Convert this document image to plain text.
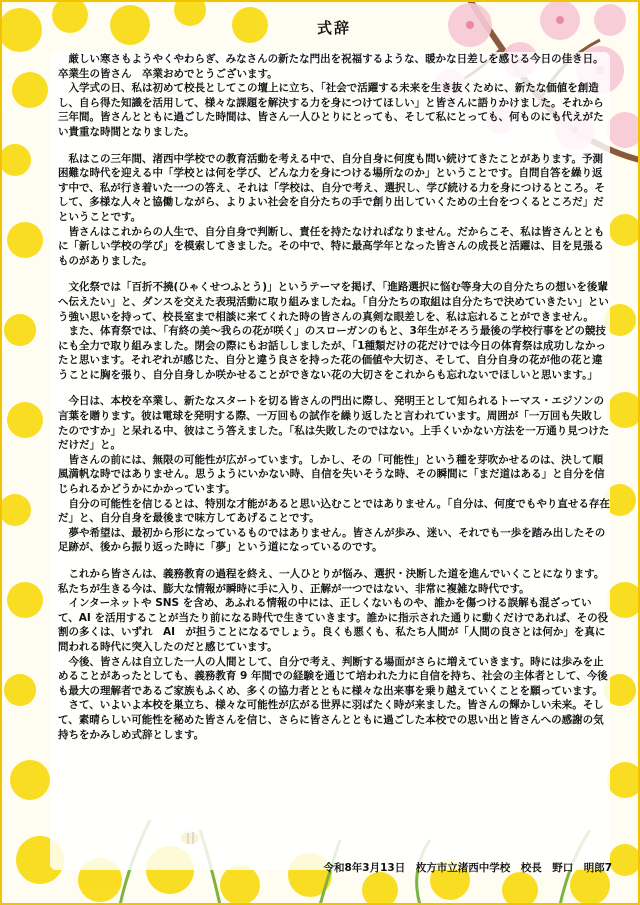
式辞

厳しい寒さもようやくやわらぎ、みなさんの新たな門出を祝福するような、暖かな日差しを感じる今日の佳き日。卒業生の皆さん　卒業おめでとうございます。

入学式の日、私は初めて校長としてこの壇上に立ち、「社会で活躍する未来を生き抜くために、新たな価値を創造し、自ら得た知識を活用して、様々な課題を解決する力を身につけてほしい」と皆さんに語りかけました。それから三年間。皆さんとともに過ごした時間は、皆さん一人ひとりにとっても、そして私にとっても、何ものにも代えがたい貴重な時間となりました。

私はこの三年間、渚西中学校での教育活動を考える中で、自分自身に何度も問い続けてきたことがあります。予測困難な時代を迎える中「学校とは何を学び、どんな力を身につける場所なのか」ということです。自問自答を繰り返す中で、私が行き着いた一つの答え、それは「学校は、自分で考え、選択し、学び続ける力を身につけるところ。そして、多様な人々と協働しながら、よりよい社会を自分たちの手で創り出していくための土台をつくるところだ」だということです。

皆さんはこれからの人生で、自分自身で判断し、責任を持たなければなりません。だからこそ、私は皆さんとともに「新しい学校の学び」を模索してきました。その中で、特に最高学年となった皆さんの成長と活躍は、目を見張るものがありました。

文化祭では「百折不撓(ひゃくせつふとう)」というテーマを掲げ、「進路選択に悩む等身大の自分たちの想いを後輩へ伝えたい」と、ダンスを交えた表現活動に取り組みましたね。「自分たちの取組は自分たちで決めていきたい」という強い思いを持って、校長室まで相談に来てくれた時の皆さんの真剣な眼差しを、私は忘れることができません。

また、体育祭では、「有終の美～我らの花が咲く」のスローガンのもと、3年生がそろう最後の学校行事をどの競技にも全力で取り組みました。閉会の際にもお話ししましたが、「1種類だけの花だけでは今日の体育祭は成功しなかったと思います。それぞれが感じた、自分と違う良さを持った花の価値や大切さ、そして、自分自身の花が他の花と違うことに胸を張り、自分自身しか咲かせることができない花の大切さをこれからも忘れないでほしいと思います。」

今日は、本校を卒業し、新たなスタートを切る皆さんの門出に際し、発明王として知られるトーマス・エジソンの言葉を贈ります。彼は電球を発明する際、一万回もの試作を繰り返したと言われています。周囲が「一万回も失敗したのですか」と呆れる中、彼はこう答えました。「私は失敗したのではない。上手くいかない方法を一万通り見つけただけだ」と。

皆さんの前には、無限の可能性が広がっています。しかし、その「可能性」という種を芽吹かせるのは、決して順風満帆な時ではありません。思うようにいかない時、自信を失いそうな時、その瞬間に「まだ道はある」と自分を信じられるかどうかにかかっています。

自分の可能性を信じるとは、特別な才能があると思い込むことではありません。「自分は、何度でもやり直せる存在だ」と、自分自身を最後まで味方してあげることです。

夢や希望は、最初から形になっているものではありません。皆さんが歩み、迷い、それでも一歩を踏み出したその足跡が、後から振り返った時に「夢」という道になっているのです。

これから皆さんは、義務教育の過程を終え、一人ひとりが悩み、選択・決断した道を進んでいくことになります。私たちが生きる今は、膨大な情報が瞬時に手に入り、正解が一つではない、非常に複雑な時代です。

インターネットや SNS を含め、あふれる情報の中には、正しくないものや、誰かを傷つける誤解も混ざっていて、AI を活用することが当たり前になる時代で生きていきます。誰かに指示された通りに動くだけであれば、その役割の多くは、いずれ　AI　が担うことになるでしょう。良くも悪くも、私たち人間が「人間の良さとは何か」を真に問われる時代に突入したのだと感じています。

今後、皆さんは自立した一人の人間として、自分で考え、判断する場面がさらに増えていきます。時には歩みを止めることがあったとしても、義務教育 9 年間での経験を通じて培われた力に自信を持ち、社会の主体者として、今後も最大の理解者であるご家族もふくめ、多くの協力者とともに様々な出来事を乗り越えていくことを願っています。

さて、いよいよ本校を巣立ち、様々な可能性が広がる世界に羽ばたく時が来ました。皆さんの輝かしい未来。そして、素晴らしい可能性を秘めた皆さんを信じ、さらに皆さんとともに過ごした本校での思い出と皆さんへの感謝の気持ちをかみしめ式辞とします。

令和8年3月13日　枚方市立渚西中学校　校長　野口　明郎7
